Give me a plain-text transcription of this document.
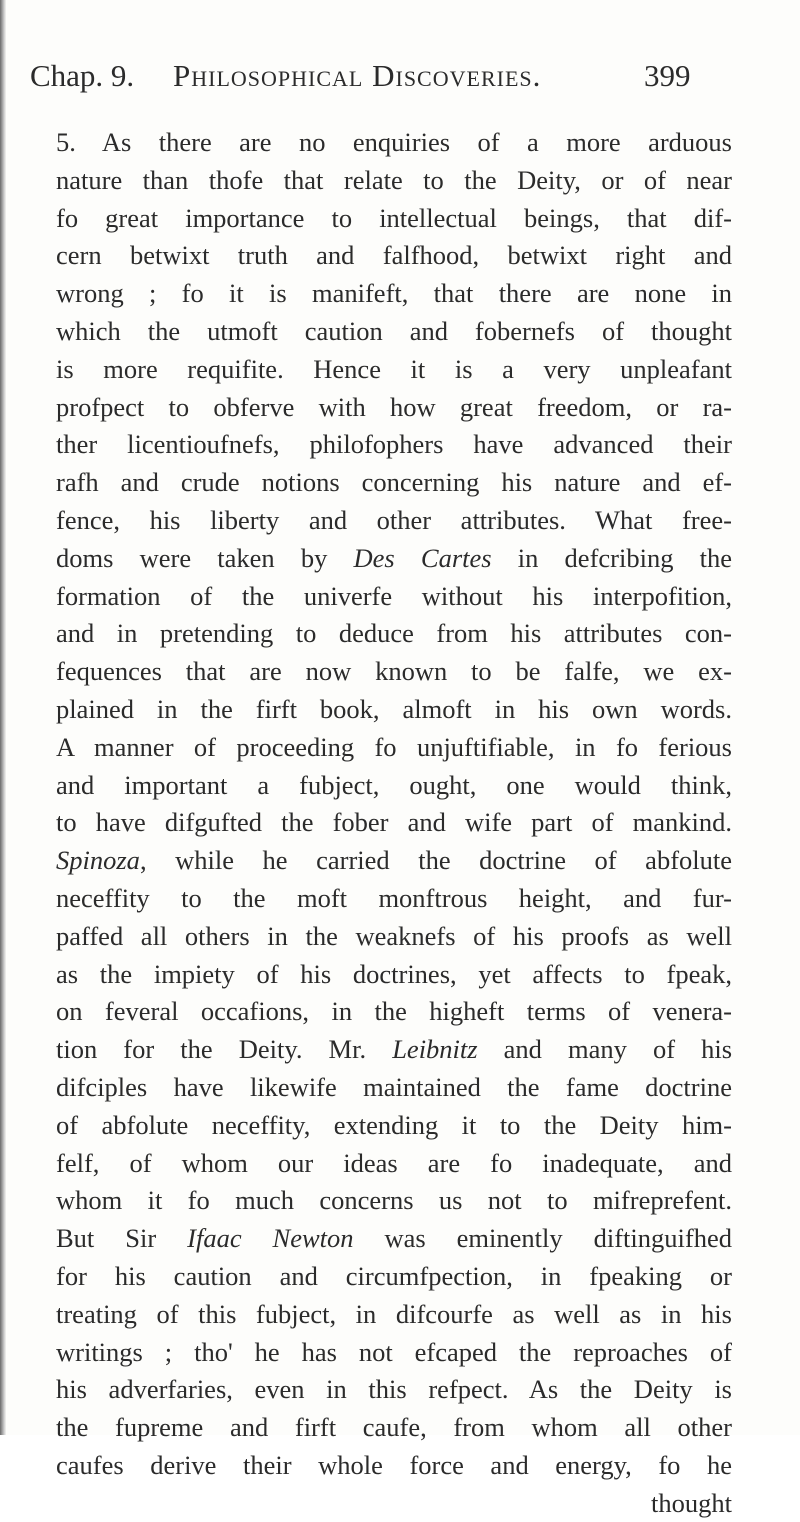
Chap. 9. Philosophical Discoveries.	399
5. As there are no enquiries of a more arduous
nature than thofe that relate to the Deity, or of near
fo great importance to intellectual beings, that dif-
cern betwixt truth and falfhood, betwixt right and
wrong ; fo it is manifeft, that there are none in
which the utmoft caution and fobernefs of thought
is more requifite. Hence it is a very unpleafant
profpect to obferve with how great freedom, or ra-
ther licentioufnefs, philofophers have advanced their
rafh and crude notions concerning his nature and ef-
fence, his liberty and other attributes. What free-
doms were taken by Des Cartes in defcribing the
formation of the univerfe without his interpofition,
and in pretending to deduce from his attributes con-
fequences that are now known to be falfe, we ex-
plained in the firft book, almoft in his own words.
A manner of proceeding fo unjuftifiable, in fo ferious
and important a fubject, ought, one would think,
to have difgufted the fober and wife part of mankind.
Spinoza, while he carried the doctrine of abfolute
neceffity to the moft monftrous height, and fur-
paffed all others in the weaknefs of his proofs as well
as the impiety of his doctrines, yet affects to fpeak,
on feveral occafions, in the higheft terms of venera-
tion for the Deity. Mr. Leibnitz and many of his
difciples have likewife maintained the fame doctrine
of abfolute neceffity, extending it to the Deity him-
felf, of whom our ideas are fo inadequate, and
whom it fo much concerns us not to mifreprefent.
But Sir Ifaac Newton was eminently diftinguifhed
for his caution and circumfpection, in fpeaking or
treating of this fubject, in difcourfe as well as in his
writings ; tho' he has not efcaped the reproaches of
his adverfaries, even in this refpect. As the Deity is
the fupreme and firft caufe, from whom all other
caufes derive their whole force and energy, fo he
thought
